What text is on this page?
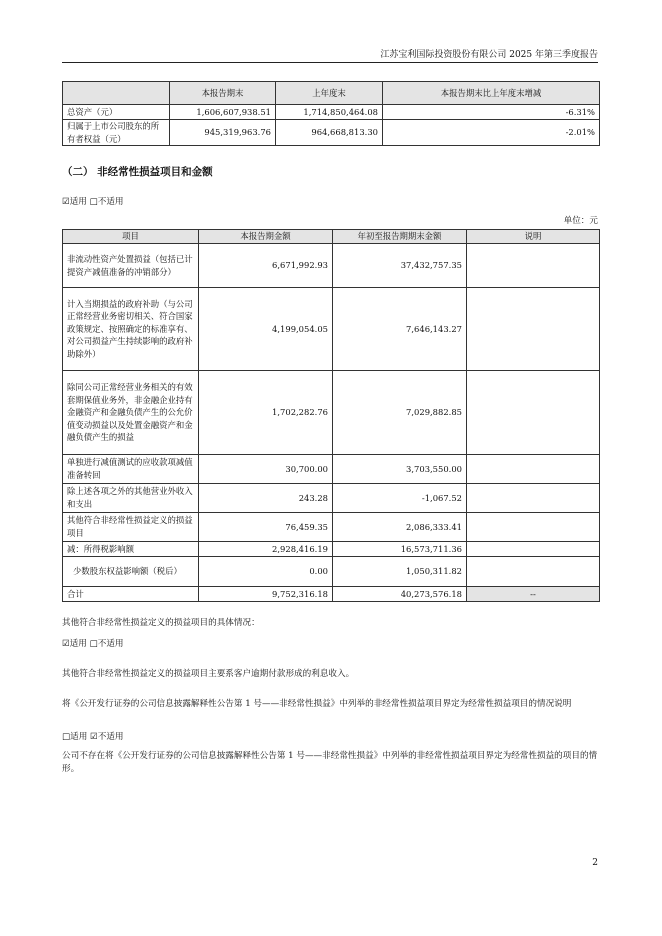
江苏宝利国际投资股份有限公司 2025 年第三季度报告
	本报告期末	上年度末	本报告期末比上年度末增减
总资产（元）	1,606,607,938.51	1,714,850,464.08	-6.31%
归属于上市公司股东的所有者权益（元）	945,319,963.76	964,668,813.30	-2.01%
（二） 非经常性损益项目和金额
☑适用 □不适用
单位：元
项目	本报告期金额	年初至报告期期末金额	说明
非流动性资产处置损益（包括已计提资产减值准备的冲销部分）	6,671,992.93	37,432,757.35	
计入当期损益的政府补助（与公司正常经营业务密切相关、符合国家政策规定、按照确定的标准享有、对公司损益产生持续影响的政府补助除外）	4,199,054.05	7,646,143.27	
除同公司正常经营业务相关的有效套期保值业务外，非金融企业持有金融资产和金融负债产生的公允价值变动损益以及处置金融资产和金融负债产生的损益	1,702,282.76	7,029,882.85	
单独进行减值测试的应收款项减值准备转回	30,700.00	3,703,550.00	
除上述各项之外的其他营业外收入和支出	243.28	-1,067.52	
其他符合非经常性损益定义的损益项目	76,459.35	2,086,333.41	
减：所得税影响额	2,928,416.19	16,573,711.36	
少数股东权益影响额（税后）	0.00	1,050,311.82	
合计	9,752,316.18	40,273,576.18	--
其他符合非经常性损益定义的损益项目的具体情况：
☑适用 □不适用
其他符合非经常性损益定义的损益项目主要系客户逾期付款形成的利息收入。
将《公开发行证券的公司信息披露解释性公告第 1 号——非经常性损益》中列举的非经常性损益项目界定为经常性损益项目的情况说明
□适用 ☑不适用
公司不存在将《公开发行证券的公司信息披露解释性公告第 1 号——非经常性损益》中列举的非经常性损益项目界定为经常性损益的项目的情形。
2
